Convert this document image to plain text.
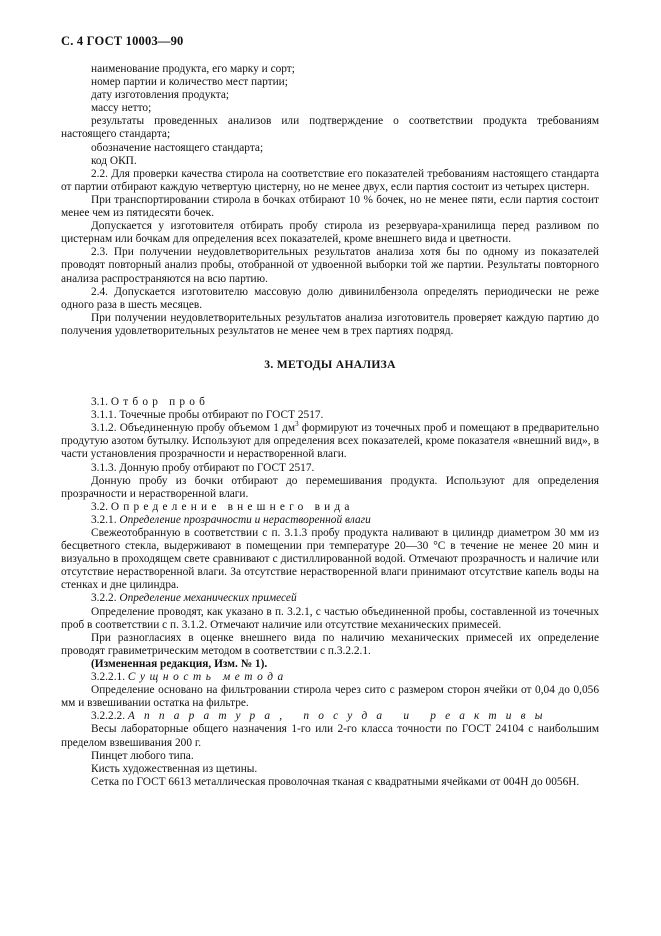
С. 4 ГОСТ 10003—90

наименование продукта, его марку и сорт;

номер партии и количество мест партии;

дату изготовления продукта;

массу нетто;

результаты проведенных анализов или подтверждение о соответствии продукта требованиям настоящего стандарта;

обозначение настоящего стандарта;

код ОКП.

2.2. Для проверки качества стирола на соответствие его показателей требованиям настоящего стандарта от партии отбирают каждую четвертую цистерну, но не менее двух, если партия состоит из четырех цистерн.

При транспортировании стирола в бочках отбирают 10 % бочек, но не менее пяти, если партия состоит менее чем из пятидесяти бочек.

Допускается у изготовителя отбирать пробу стирола из резервуара-хранилища перед разливом по цистернам или бочкам для определения всех показателей, кроме внешнего вида и цветности.

2.3. При получении неудовлетворительных результатов анализа хотя бы по одному из показателей проводят повторный анализ пробы, отобранной от удвоенной выборки той же партии. Результаты повторного анализа распространяются на всю партию.

2.4. Допускается изготовителю массовую долю дивинилбензола определять периодически не реже одного раза в шесть месяцев.

При получении неудовлетворительных результатов анализа изготовитель проверяет каждую партию до получения удовлетворительных результатов не менее чем в трех партиях подряд.

3. МЕТОДЫ АНАЛИЗА

3.1. Отбор проб

3.1.1. Точечные пробы отбирают по ГОСТ 2517.

3.1.2. Объединенную пробу объемом 1 $дм^3$ формируют из точечных проб и помещают в предварительно продутую азотом бутылку. Используют для определения всех показателей, кроме показателя «внешний вид», в части установления прозрачности и нерастворенной влаги.

3.1.3. Донную пробу отбирают по ГОСТ 2517.

Донную пробу из бочки отбирают до перемешивания продукта. Используют для определения прозрачности и нерастворенной влаги.

3.2. Определение внешнего вида

3.2.1. Определение прозрачности и нерастворенной влаги

Свежеотобранную в соответствии с п. 3.1.3 пробу продукта наливают в цилиндр диаметром 30 мм из бесцветного стекла, выдерживают в помещении при температуре 20—30 °С в течение не менее 20 мин и визуально в проходящем свете сравнивают с дистиллированной водой. Отмечают прозрачность и наличие или отсутствие нерастворенной влаги. За отсутствие нерастворенной влаги принимают отсутствие капель воды на стенках и дне цилиндра.

3.2.2. Определение механических примесей

Определение проводят, как указано в п. 3.2.1, с частью объединенной пробы, составленной из точечных проб в соответствии с п. 3.1.2. Отмечают наличие или отсутствие механических примесей.

При разногласиях в оценке внешнего вида по наличию механических примесей их определение проводят гравиметрическим методом в соответствии с п.3.2.2.1.

(Измененная редакция, Изм. № 1).

3.2.2.1. Сущность метода

Определение основано на фильтровании стирола через сито с размером сторон ячейки от 0,04 до 0,056 мм и взвешивании остатка на фильтре.

3.2.2.2. Аппаратура, посуда и реактивы

Весы лабораторные общего назначения 1-го или 2-го класса точности по ГОСТ 24104 с наибольшим пределом взвешивания 200 г.

Пинцет любого типа.

Кисть художественная из щетины.

Сетка по ГОСТ 6613 металлическая проволочная тканая с квадратными ячейками от 004Н до 0056Н.
